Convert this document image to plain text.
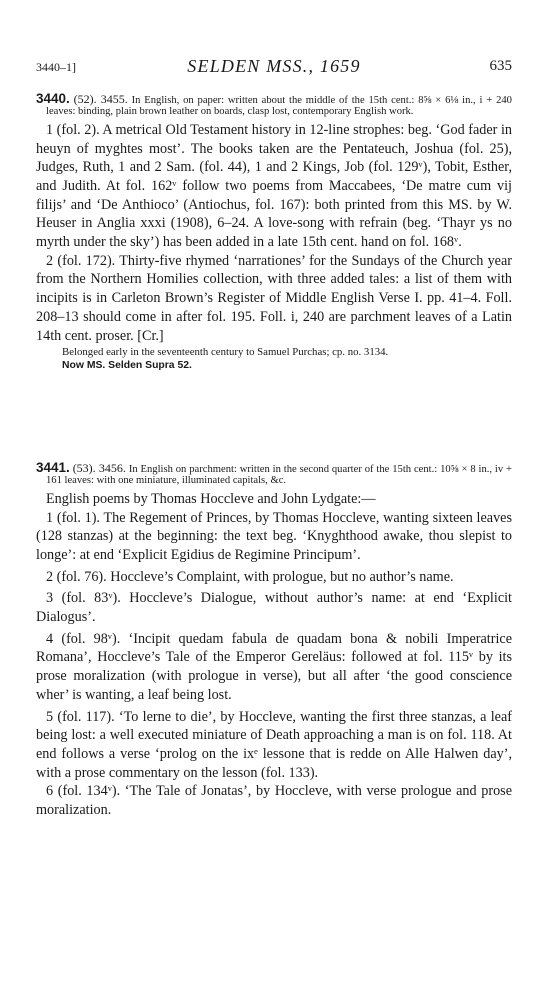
3440–1]	SELDEN MSS., 1659	635
3440. (52). 3455. In English, on paper: written about the middle of the 15th cent.: 8⅝ × 6⅛ in., i + 240 leaves: binding, plain brown leather on boards, clasp lost, contemporary English work.

1 (fol. 2). A metrical Old Testament history in 12-line strophes: beg. ‘God fader in heuyn of myghtes most’. The books taken are the Pentateuch, Joshua (fol. 25), Judges, Ruth, 1 and 2 Sam. (fol. 44), 1 and 2 Kings, Job (fol. 129ᵛ), Tobit, Esther, and Judith. At fol. 162ᵛ follow two poems from Maccabees, ‘De matre cum vij filijs’ and ‘De Anthioco’ (Antiochus, fol. 167): both printed from this MS. by W. Heuser in Anglia xxxi (1908), 6–24. A love-song with refrain (beg. ‘Thayr ys no myrth under the sky’) has been added in a late 15th cent. hand on fol. 168ᵛ.

2 (fol. 172). Thirty-five rhymed ‘narrationes’ for the Sundays of the Church year from the Northern Homilies collection, with three added tales: a list of them with incipits is in Carleton Brown’s Register of Middle English Verse I. pp. 41–4. Foll. 208–13 should come in after fol. 195. Foll. i, 240 are parchment leaves of a Latin 14th cent. proser. [Cr.]

Belonged early in the seventeenth century to Samuel Purchas; cp. no. 3134.
Now MS. Selden Supra 52.
3441. (53). 3456. In English on parchment: written in the second quarter of the 15th cent.: 10⅝ × 8 in., iv + 161 leaves: with one miniature, illuminated capitals, &c.

English poems by Thomas Hoccleve and John Lydgate:—

1 (fol. 1). The Regement of Princes, by Thomas Hoccleve, wanting sixteen leaves (128 stanzas) at the beginning: the text beg. ‘Knyghthood awake, thou slepist to longe’: at end ‘Explicit Egidius de Regimine Principum’.

2 (fol. 76). Hoccleve’s Complaint, with prologue, but no author’s name.

3 (fol. 83ᵛ). Hoccleve’s Dialogue, without author’s name: at end ‘Explicit Dialogus’.

4 (fol. 98ᵛ). ‘Incipit quedam fabula de quadam bona & nobili Imperatrice Romana’, Hoccleve’s Tale of the Emperor Gereläus: followed at fol. 115ᵛ by its prose moralization (with prologue in verse), but all after ‘the good conscience wher’ is wanting, a leaf being lost.

5 (fol. 117). ‘To lerne to die’, by Hoccleve, wanting the first three stanzas, a leaf being lost: a well executed miniature of Death approaching a man is on fol. 118. At end follows a verse ‘prolog on the ixᵉ lessone that is redde on Alle Halwen day’, with a prose commentary on the lesson (fol. 133).

6 (fol. 134ᵛ). ‘The Tale of Jonatas’, by Hoccleve, with verse prologue and prose moralization.
